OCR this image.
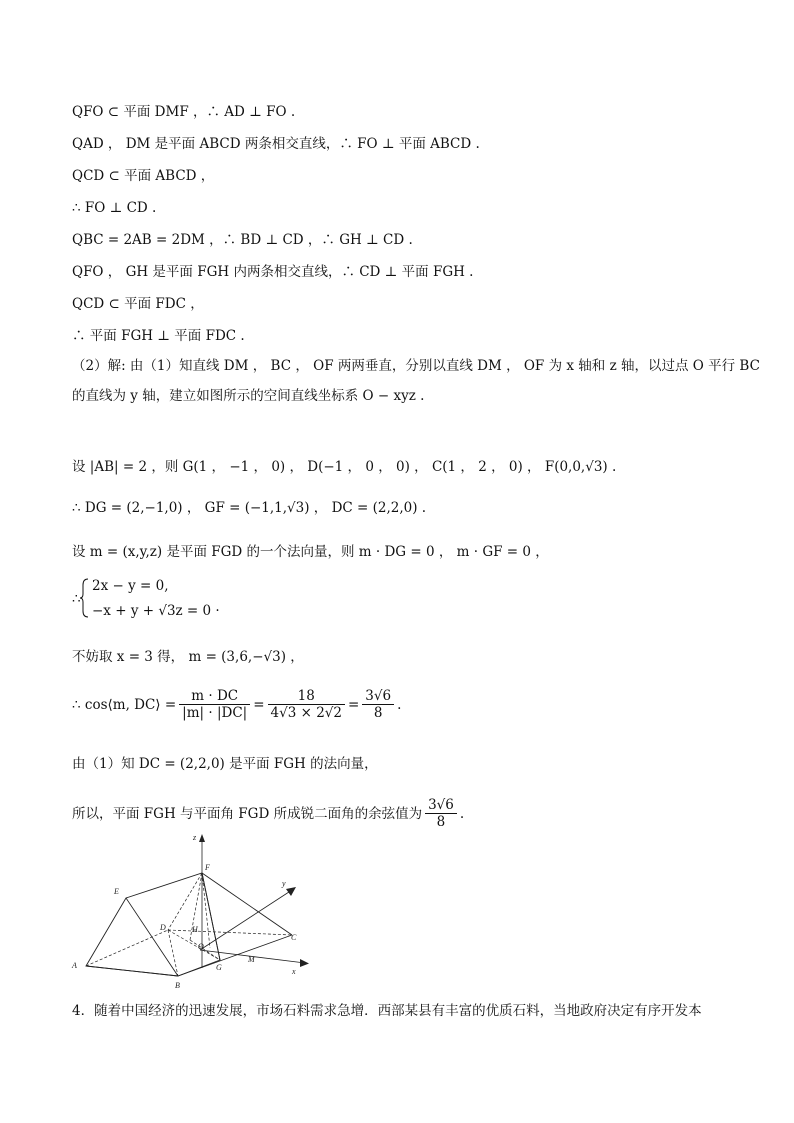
QFO ⊂ 平面 DMF ，∴ AD ⊥ FO .
QAD ， DM 是平面 ABCD 两条相交直线，∴ FO ⊥ 平面 ABCD .
QCD ⊂ 平面 ABCD ，
∴ FO ⊥ CD .
QBC = 2AB = 2DM ，∴ BD ⊥ CD ，∴ GH ⊥ CD .
QFO ， GH 是平面 FGH 内两条相交直线，∴ CD ⊥ 平面 FGH .
QCD ⊂ 平面 FDC ，
∴ 平面 FGH ⊥ 平面 FDC .
（2）解: 由（1）知直线 DM ， BC ， OF 两两垂直，分别以直线 DM ， OF 为 x 轴和 z 轴，以过点 O 平行 BC
的直线为 y 轴，建立如图所示的空间直线坐标系 O − xyz .
设 |AB| = 2 ，则 G(1 ， −1 ， 0) ， D(−1 ， 0 ， 0) ， C(1 ， 2 ， 0) ， F(0,0,√3) .
∴ DG = (2,−1,0) ， GF = (−1,1,√3) ， DC = (2,2,0) .
设 m = (x,y,z) 是平面 FGD 的一个法向量，则 m · DG = 0 ， m · GF = 0 ，
∴
2x − y = 0,
−x + y + √3z = 0 ·
不妨取 x = 3 得， m = (3,6,−√3) ，
∴ cos⟨m, DC⟩ = $\frac{m \cdot DC}{|m| \cdot |DC|} = \frac{18}{4√3 \times 2√2} = \frac{3√6}{8}$ .
由（1）知 DC = (2,2,0) 是平面 FGH 的法向量，
所以，平面 FGH 与平面角 FGD 所成锐二面角的余弦值为 $\frac{3√6}{8}$ .
z
y
x
F
E
A
B
D	H
O
G
M
C
4．随着中国经济的迅速发展，市场石料需求急增．西部某县有丰富的优质石料，当地政府决定有序开发本
